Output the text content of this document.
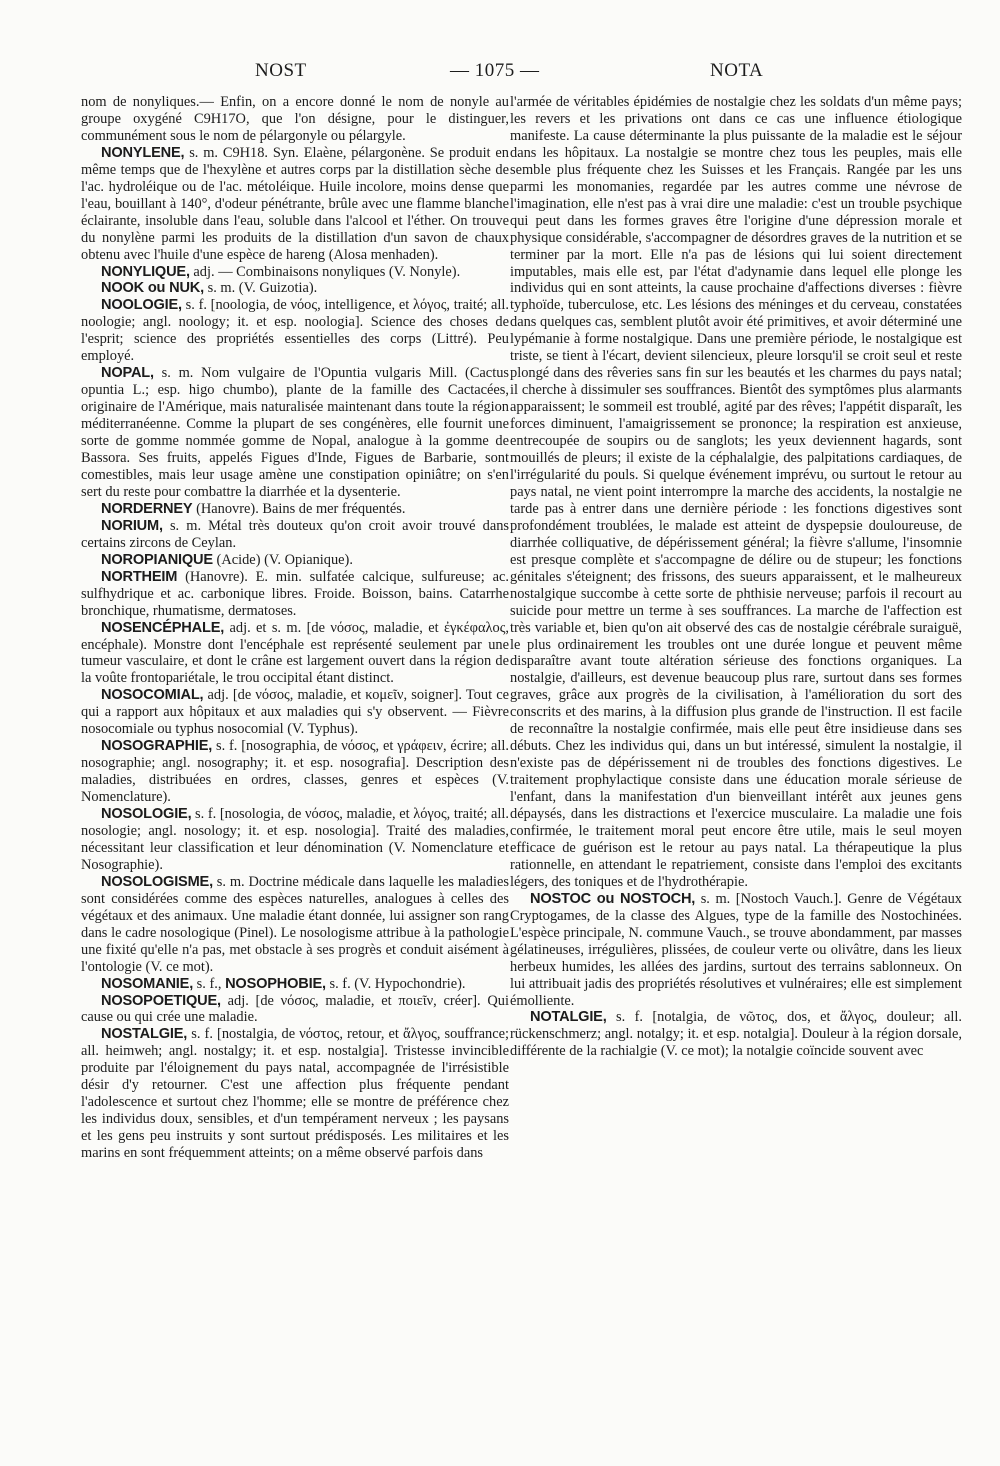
NOST	— 1075 —	NOTA

nom de nonyliques.— Enfin, on a encore donné le nom de nonyle au groupe oxygéné C9H17O, que l'on désigne, pour le distinguer, communément sous le nom de pélargonyle ou pélargyle.

NONYLENE, s. m. C9H18. Syn. Elaène, pélargonène. Se produit en même temps que de l'hexylène et autres corps par la distillation sèche de l'ac. hydroléique ou de l'ac. métoléique. Huile incolore, moins dense que l'eau, bouillant à 140°, d'odeur pénétrante, brûle avec une flamme blanche éclairante, insoluble dans l'eau, soluble dans l'alcool et l'éther. On trouve du nonylène parmi les produits de la distillation d'un savon de chaux obtenu avec l'huile d'une espèce de hareng (Alosa menhaden).

NONYLIQUE, adj. — Combinaisons nonyliques (V. Nonyle).

NOOK ou NUK, s. m. (V. Guizotia).

NOOLOGIE, s. f. [noologia, de νόος, intelligence, et λόγος, traité; all. noologie; angl. noology; it. et esp. noologia]. Science des choses de l'esprit; science des propriétés essentielles des corps (Littré). Peu employé.

NOPAL, s. m. Nom vulgaire de l'Opuntia vulgaris Mill. (Cactus opuntia L.; esp. higo chumbo), plante de la famille des Cactacées, originaire de l'Amérique, mais naturalisée maintenant dans toute la région méditerranéenne. Comme la plupart de ses congénères, elle fournit une sorte de gomme nommée gomme de Nopal, analogue à la gomme de Bassora. Ses fruits, appelés Figues d'Inde, Figues de Barbarie, sont comestibles, mais leur usage amène une constipation opiniâtre; on s'en sert du reste pour combattre la diarrhée et la dysenterie.

NORDERNEY (Hanovre). Bains de mer fréquentés.

NORIUM, s. m. Métal très douteux qu'on croit avoir trouvé dans certains zircons de Ceylan.

NOROPIANIQUE (Acide) (V. Opianique).

NORTHEIM (Hanovre). E. min. sulfatée calcique, sulfureuse; ac. sulfhydrique et ac. carbonique libres. Froide. Boisson, bains. Catarrhe bronchique, rhumatisme, dermatoses.

NOSENCÉPHALE, adj. et s. m. [de νόσος, maladie, et ἐγκέφαλος, encéphale). Monstre dont l'encéphale est représenté seulement par une tumeur vasculaire, et dont le crâne est largement ouvert dans la région de la voûte frontopariétale, le trou occipital étant distinct.

NOSOCOMIAL, adj. [de νόσος, maladie, et κομεῖν, soigner]. Tout ce qui a rapport aux hôpitaux et aux maladies qui s'y observent. — Fièvre nosocomiale ou typhus nosocomial (V. Typhus).

NOSOGRAPHIE, s. f. [nosographia, de νόσος, et γράφειν, écrire; all. nosographie; angl. nosography; it. et esp. nosografia]. Description des maladies, distribuées en ordres, classes, genres et espèces (V. Nomenclature).

NOSOLOGIE, s. f. [nosologia, de νόσος, maladie, et λόγος, traité; all. nosologie; angl. nosology; it. et esp. nosologia]. Traité des maladies, nécessitant leur classification et leur dénomination (V. Nomenclature et Nosographie).

NOSOLOGISME, s. m. Doctrine médicale dans laquelle les maladies sont considérées comme des espèces naturelles, analogues à celles des végétaux et des animaux. Une maladie étant donnée, lui assigner son rang dans le cadre nosologique (Pinel). Le nosologisme attribue à la pathologie une fixité qu'elle n'a pas, met obstacle à ses progrès et conduit aisément à l'ontologie (V. ce mot).

NOSOMANIE, s. f., NOSOPHOBIE, s. f. (V. Hypochondrie).

NOSOPOETIQUE, adj. [de νόσος, maladie, et ποιεῖν, créer]. Qui cause ou qui crée une maladie.

NOSTALGIE, s. f. [nostalgia, de νόστος, retour, et ἄλγος, souffrance; all. heimweh; angl. nostalgy; it. et esp. nostalgia]. Tristesse invincible produite par l'éloignement du pays natal, accompagnée de l'irrésistible désir d'y retourner. C'est une affection plus fréquente pendant l'adolescence et surtout chez l'homme; elle se montre de préférence chez les individus doux, sensibles, et d'un tempérament nerveux ; les paysans et les gens peu instruits y sont surtout prédisposés. Les militaires et les marins en sont fréquemment atteints; on a même observé parfois dans

l'armée de véritables épidémies de nostalgie chez les soldats d'un même pays; les revers et les privations ont dans ce cas une influence étiologique manifeste. La cause déterminante la plus puissante de la maladie est le séjour dans les hôpitaux. La nostalgie se montre chez tous les peuples, mais elle semble plus fréquente chez les Suisses et les Français. Rangée par les uns parmi les monomanies, regardée par les autres comme une névrose de l'imagination, elle n'est pas à vrai dire une maladie: c'est un trouble psychique qui peut dans les formes graves être l'origine d'une dépression morale et physique considérable, s'accompagner de désordres graves de la nutrition et se terminer par la mort. Elle n'a pas de lésions qui lui soient directement imputables, mais elle est, par l'état d'adynamie dans lequel elle plonge les individus qui en sont atteints, la cause prochaine d'affections diverses : fièvre typhoïde, tuberculose, etc. Les lésions des méninges et du cerveau, constatées dans quelques cas, semblent plutôt avoir été primitives, et avoir déterminé une lypémanie à forme nostalgique. Dans une première période, le nostalgique est triste, se tient à l'écart, devient silencieux, pleure lorsqu'il se croit seul et reste plongé dans des rêveries sans fin sur les beautés et les charmes du pays natal; il cherche à dissimuler ses souffrances. Bientôt des symptômes plus alarmants apparaissent; le sommeil est troublé, agité par des rêves; l'appétit disparaît, les forces diminuent, l'amaigrissement se prononce; la respiration est anxieuse, entrecoupée de soupirs ou de sanglots; les yeux deviennent hagards, sont mouillés de pleurs; il existe de la céphalalgie, des palpitations cardiaques, de l'irrégularité du pouls. Si quelque événement imprévu, ou surtout le retour au pays natal, ne vient point interrompre la marche des accidents, la nostalgie ne tarde pas à entrer dans une dernière période : les fonctions digestives sont profondément troublées, le malade est atteint de dyspepsie douloureuse, de diarrhée colliquative, de dépérissement général; la fièvre s'allume, l'insomnie est presque complète et s'accompagne de délire ou de stupeur; les fonctions génitales s'éteignent; des frissons, des sueurs apparaissent, et le malheureux nostalgique succombe à cette sorte de phthisie nerveuse; parfois il recourt au suicide pour mettre un terme à ses souffrances. La marche de l'affection est très variable et, bien qu'on ait observé des cas de nostalgie cérébrale suraiguë, le plus ordinairement les troubles ont une durée longue et peuvent même disparaître avant toute altération sérieuse des fonctions organiques. La nostalgie, d'ailleurs, est devenue beaucoup plus rare, surtout dans ses formes graves, grâce aux progrès de la civilisation, à l'amélioration du sort des conscrits et des marins, à la diffusion plus grande de l'instruction. Il est facile de reconnaître la nostalgie confirmée, mais elle peut être insidieuse dans ses débuts. Chez les individus qui, dans un but intéressé, simulent la nostalgie, il n'existe pas de dépérissement ni de troubles des fonctions digestives. Le traitement prophylactique consiste dans une éducation morale sérieuse de l'enfant, dans la manifestation d'un bienveillant intérêt aux jeunes gens dépaysés, dans les distractions et l'exercice musculaire. La maladie une fois confirmée, le traitement moral peut encore être utile, mais le seul moyen efficace de guérison est le retour au pays natal. La thérapeutique la plus rationnelle, en attendant le repatriement, consiste dans l'emploi des excitants légers, des toniques et de l'hydrothérapie.

NOSTOC ou NOSTOCH, s. m. [Nostoch Vauch.]. Genre de Végétaux Cryptogames, de la classe des Algues, type de la famille des Nostochinées. L'espèce principale, N. commune Vauch., se trouve abondamment, par masses gélatineuses, irrégulières, plissées, de couleur verte ou olivâtre, dans les lieux herbeux humides, les allées des jardins, surtout des terrains sablonneux. On lui attribuait jadis des propriétés résolutives et vulnéraires; elle est simplement émolliente.

NOTALGIE, s. f. [notalgia, de νῶτος, dos, et ἄλγος, douleur; all. rückenschmerz; angl. notalgy; it. et esp. notalgia]. Douleur à la région dorsale, différente de la rachialgie (V. ce mot); la notalgie coïncide souvent avec
